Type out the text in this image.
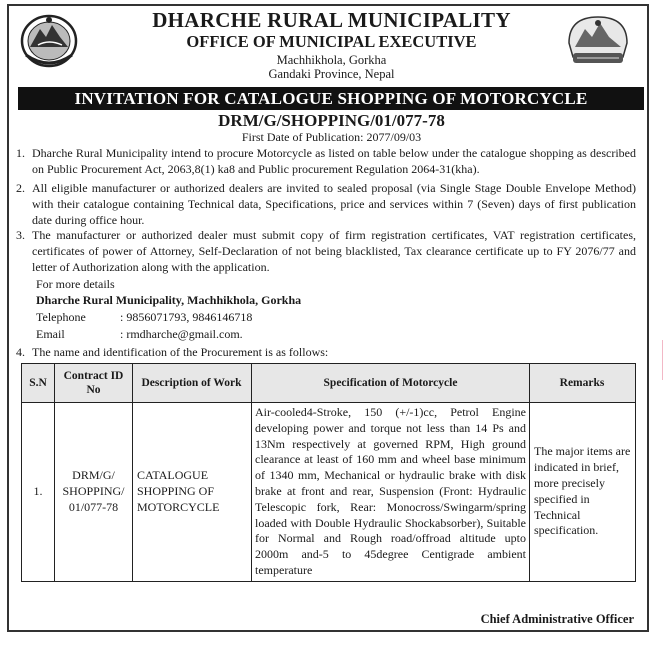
DHARCHE RURAL MUNICIPALITY
OFFICE OF MUNICIPAL EXECUTIVE
Machhikhola, Gorkha
Gandaki Province, Nepal
INVITATION FOR CATALOGUE SHOPPING OF MOTORCYCLE
DRM/G/SHOPPING/01/077-78
First Date of Publication: 2077/09/03
1. Dharche Rural Municipality intend to procure Motorcycle as listed on table below under the catalogue shopping as described on Public Procurement Act, 2063,8(1) ka8 and Public procurement Regulation 2064-31(kha).
2. All eligible manufacturer or authorized dealers are invited to sealed proposal (via Single Stage Double Envelope Method) with their catalogue containing Technical data, Specifications, price and services within 7 (Seven) days of first publication date during office hour.
3. The manufacturer or authorized dealer must submit copy of firm registration certificates, VAT registration certificates, certificates of power of Attorney, Self-Declaration of not being blacklisted, Tax clearance certificate up to FY 2076/77 and letter of Authorization along with the application.
For more details
Dharche Rural Municipality, Machhikhola, Gorkha
Telephone	: 9856071793, 9846146718
Email	: rmdharche@gmail.com.
4. The name and identification of the Procurement is as follows:
S.N	Contract ID No	Description of Work	Specification of Motorcycle	Remarks
1.	DRM/G/ SHOPPING/ 01/077-78	CATALOGUE SHOPPING OF MOTORCYCLE	Air-cooled4-Stroke, 150 (+/-1)cc, Petrol Engine developing power and torque not less than 14 Ps and 13Nm respectively at governed RPM, High ground clearance at least of 160 mm and wheel base minimum of 1340 mm, Mechanical or hydraulic brake with disk brake at front and rear, Suspension (Front: Hydraulic Telescopic fork, Rear: Monocross/Swingarm/spring loaded with Double Hydraulic Shockabsorber), Suitable for Normal and Rough road/offroad altitude upto 2000m and-5 to 45degree Centigrade ambient temperature	The major items are indicated in brief, more precisely specified in Technical specification.
Chief Administrative Officer
